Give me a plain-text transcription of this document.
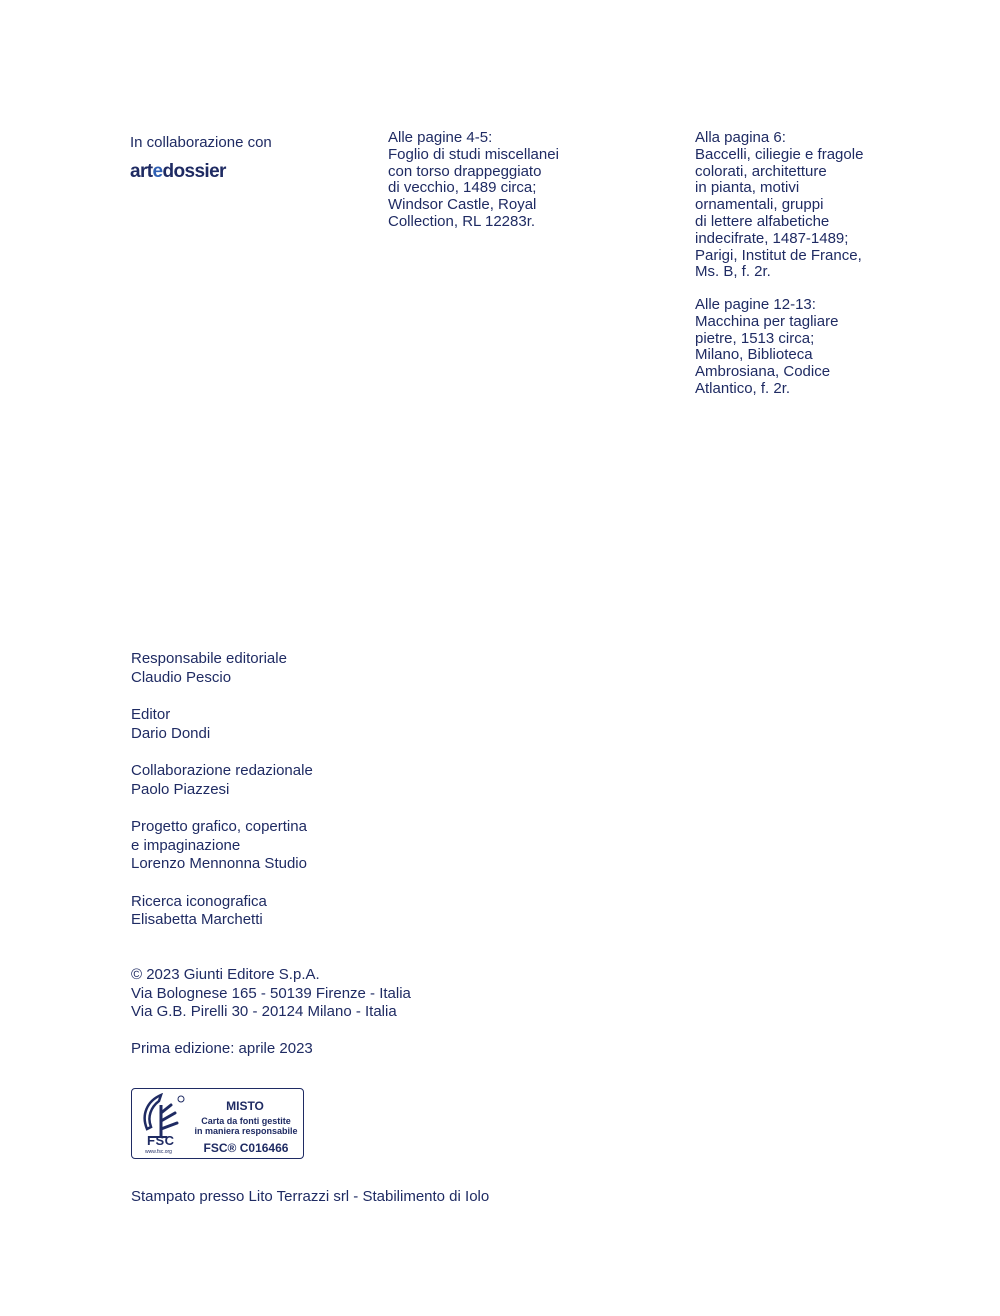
In collaborazione con
artedossier
Alle pagine 4-5:
Foglio di studi miscellanei
con torso drappeggiato
di vecchio, 1489 circa;
Windsor Castle, Royal
Collection, RL 12283r.
Alla pagina 6:
Baccelli, ciliegie e fragole
colorati, architetture
in pianta, motivi
ornamentali, gruppi
di lettere alfabetiche
indecifrate, 1487-1489;
Parigi, Institut de France,
Ms. B, f. 2r.
Alle pagine 12-13:
Macchina per tagliare
pietre, 1513 circa;
Milano, Biblioteca
Ambrosiana, Codice
Atlantico, f. 2r.
Responsabile editoriale
Claudio Pescio
Editor
Dario Dondi
Collaborazione redazionale
Paolo Piazzesi
Progetto grafico, copertina
e impaginazione
Lorenzo Mennonna Studio
Ricerca iconografica
Elisabetta Marchetti
© 2023 Giunti Editore S.p.A.
Via Bolognese 165 - 50139 Firenze - Italia
Via G.B. Pirelli 30 - 20124 Milano - Italia
Prima edizione: aprile 2023
FSC
www.fsc.org
MISTO
Carta da fonti gestite
in maniera responsabile
FSC® C016466
Stampato presso Lito Terrazzi srl - Stabilimento di Iolo
